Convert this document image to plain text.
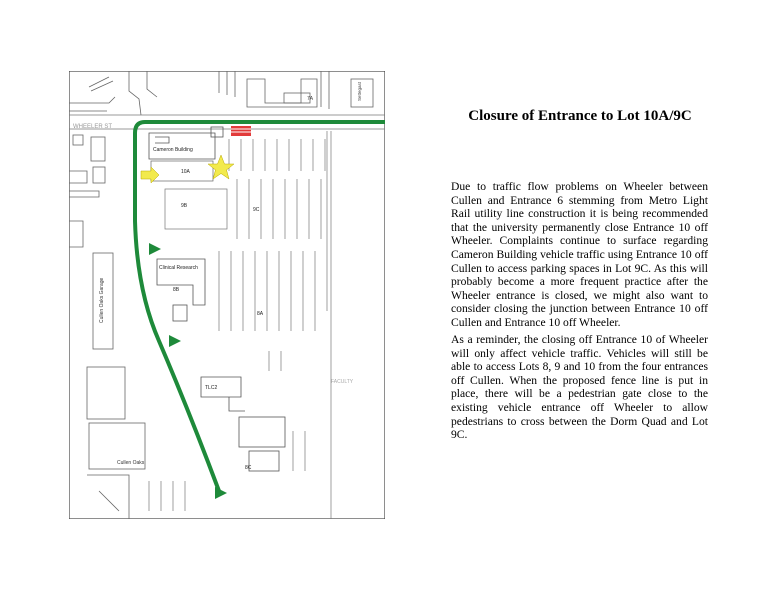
7A	Settegast
WHEELER ST
Cullen Oaks Garage
Cullen Oaks
Cameron Building
10A
9B
9C
Clinical Research
8B
8A
TLC2
8C
FACULTY
Closure of Entrance to Lot 10A/9C

Due to traffic flow problems on Wheeler between Cullen and Entrance 6 stemming from Metro Light Rail utility line construction it is being recommended that the university permanently close Entrance 10 off Wheeler. Complaints continue to surface regarding Cameron Building vehicle traffic using Entrance 10 off Cullen to access parking spaces in Lot 9C. As this will probably become a more frequent practice after the Wheeler entrance is closed, we might also want to consider closing the junction between Entrance 10 off Cullen and Entrance 10 off Wheeler.

As a reminder, the closing off Entrance 10 of Wheeler will only affect vehicle traffic. Vehicles will still be able to access Lots 8, 9 and 10 from the four entrances off Cullen. When the proposed fence line is put in place, there will be a pedestrian gate close to the existing vehicle entrance off Wheeler to allow pedestrians to cross between the Dorm Quad and Lot 9C.
